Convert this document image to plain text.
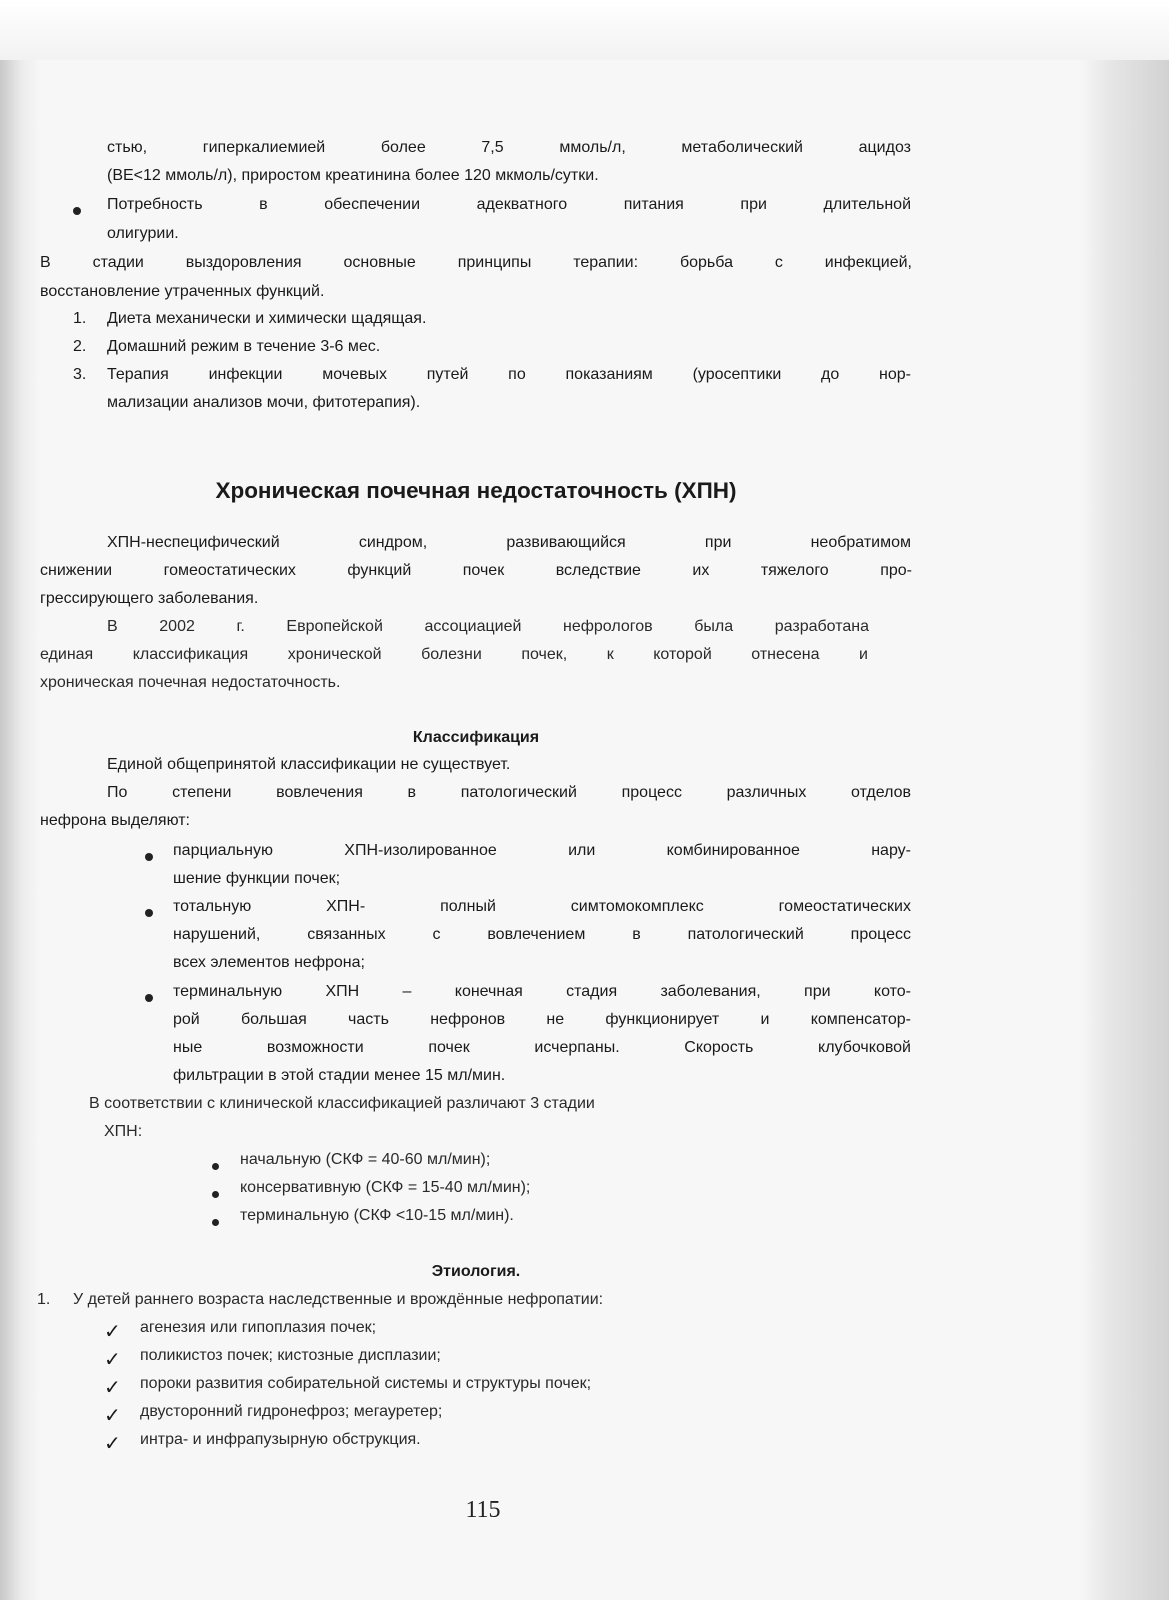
стью, гиперкалиемией более 7,5 ммоль/л, метаболический ацидоз
(BE<12 ммоль/л), приростом креатинина более 120 мкмоль/сутки.
Потребность в обеспечении адекватного питания при длительной
олигурии.
В стадии выздоровления основные принципы терапии: борьба с инфекцией,
восстановление утраченных функций.
1. Диета механически и химически щадящая.
2. Домашний режим в течение 3-6 мес.
3. Терапия инфекции мочевых путей по показаниям (уросептики до нор-
мализации анализов мочи, фитотерапия).
Хроническая почечная недостаточность (ХПН)
ХПН-неспецифический синдром, развивающийся при необратимом
снижении гомеостатических функций почек вследствие их тяжелого про-
грессирующего заболевания.
В 2002 г. Европейской ассоциацией нефрологов была разработана
единая классификация хронической болезни почек, к которой отнесена и
хроническая почечная недостаточность.
Классификация
Единой общепринятой классификации не существует.
По степени вовлечения в патологический процесс различных отделов
нефрона выделяют:
парциальную ХПН-изолированное или комбинированное нару-
шение функции почек;
тотальную ХПН- полный симтомокомплекс гомеостатических
нарушений, связанных с вовлечением в патологический процесс
всех элементов нефрона;
терминальную ХПН – конечная стадия заболевания, при кото-
рой большая часть нефронов не функционирует и компенсатор-
ные возможности почек исчерпаны. Скорость клубочковой
фильтрации в этой стадии менее 15 мл/мин.
В соответствии с клинической классификацией различают 3 стадии
ХПН:
начальную (СКФ = 40-60 мл/мин);
консервативную (СКФ = 15-40 мл/мин);
терминальную (СКФ <10-15 мл/мин).
Этиология.
1. У детей раннего возраста наследственные и врождённые нефропатии:
✓ агенезия или гипоплазия почек;
✓ поликистоз почек; кистозные дисплазии;
✓ пороки развития собирательной системы и структуры почек;
✓ двусторонний гидронефроз; мегауретер;
✓ интра- и инфрапузырную обструкция.
115
